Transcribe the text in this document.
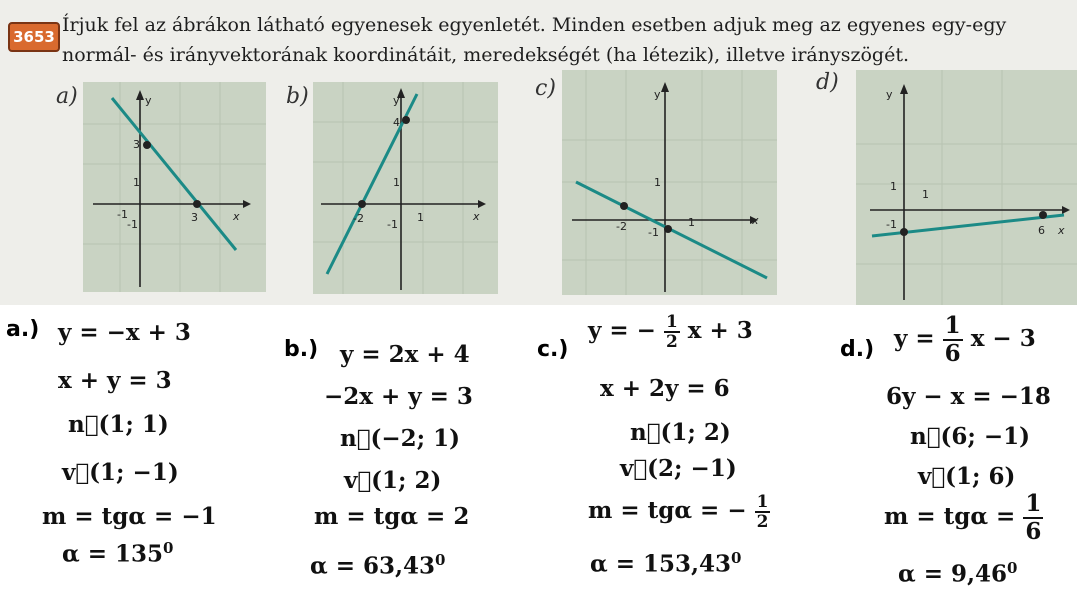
3653
Írjuk fel az ábrákon látható egyenesek egyenletét. Minden esetben adjuk meg az egyenes egy-egy normál- és irányvektorának koordinátáit, meredekségét (ha létezik), illetve irányszögét.
a)	y
3
1
-1
-1
3	x
b)	y
4
1
-2 -1
1	x
c)	y
1
-2 -1
1	x
d)	y
1
1
-1	6 x
a.) y = −x + 3
x + y = 3
n⃗(1; 1)
v⃗(1; −1)
m = tgα = −1
$\alpha = 135^0$
b.) y = 2x + 4
−2x + y = 3
n⃗(−2; 1)
v⃗(1; 2)
m = tgα = 2
$\alpha = 63,43^0$
c.)
y = − $\frac{1}{2}$ x + 3
x + 2y = 6
n⃗(1; 2)
v⃗(2; −1)
m = tgα = − $\frac{1}{2}$
$\alpha = 153,43^0$
d.) $y = \frac{1}{6}$ x − 3
6y − x = −18
n⃗(6; −1)
v⃗(1; 6)
$m = tg\alpha = \frac{1}{6}$
$\alpha = 9,46^0$
